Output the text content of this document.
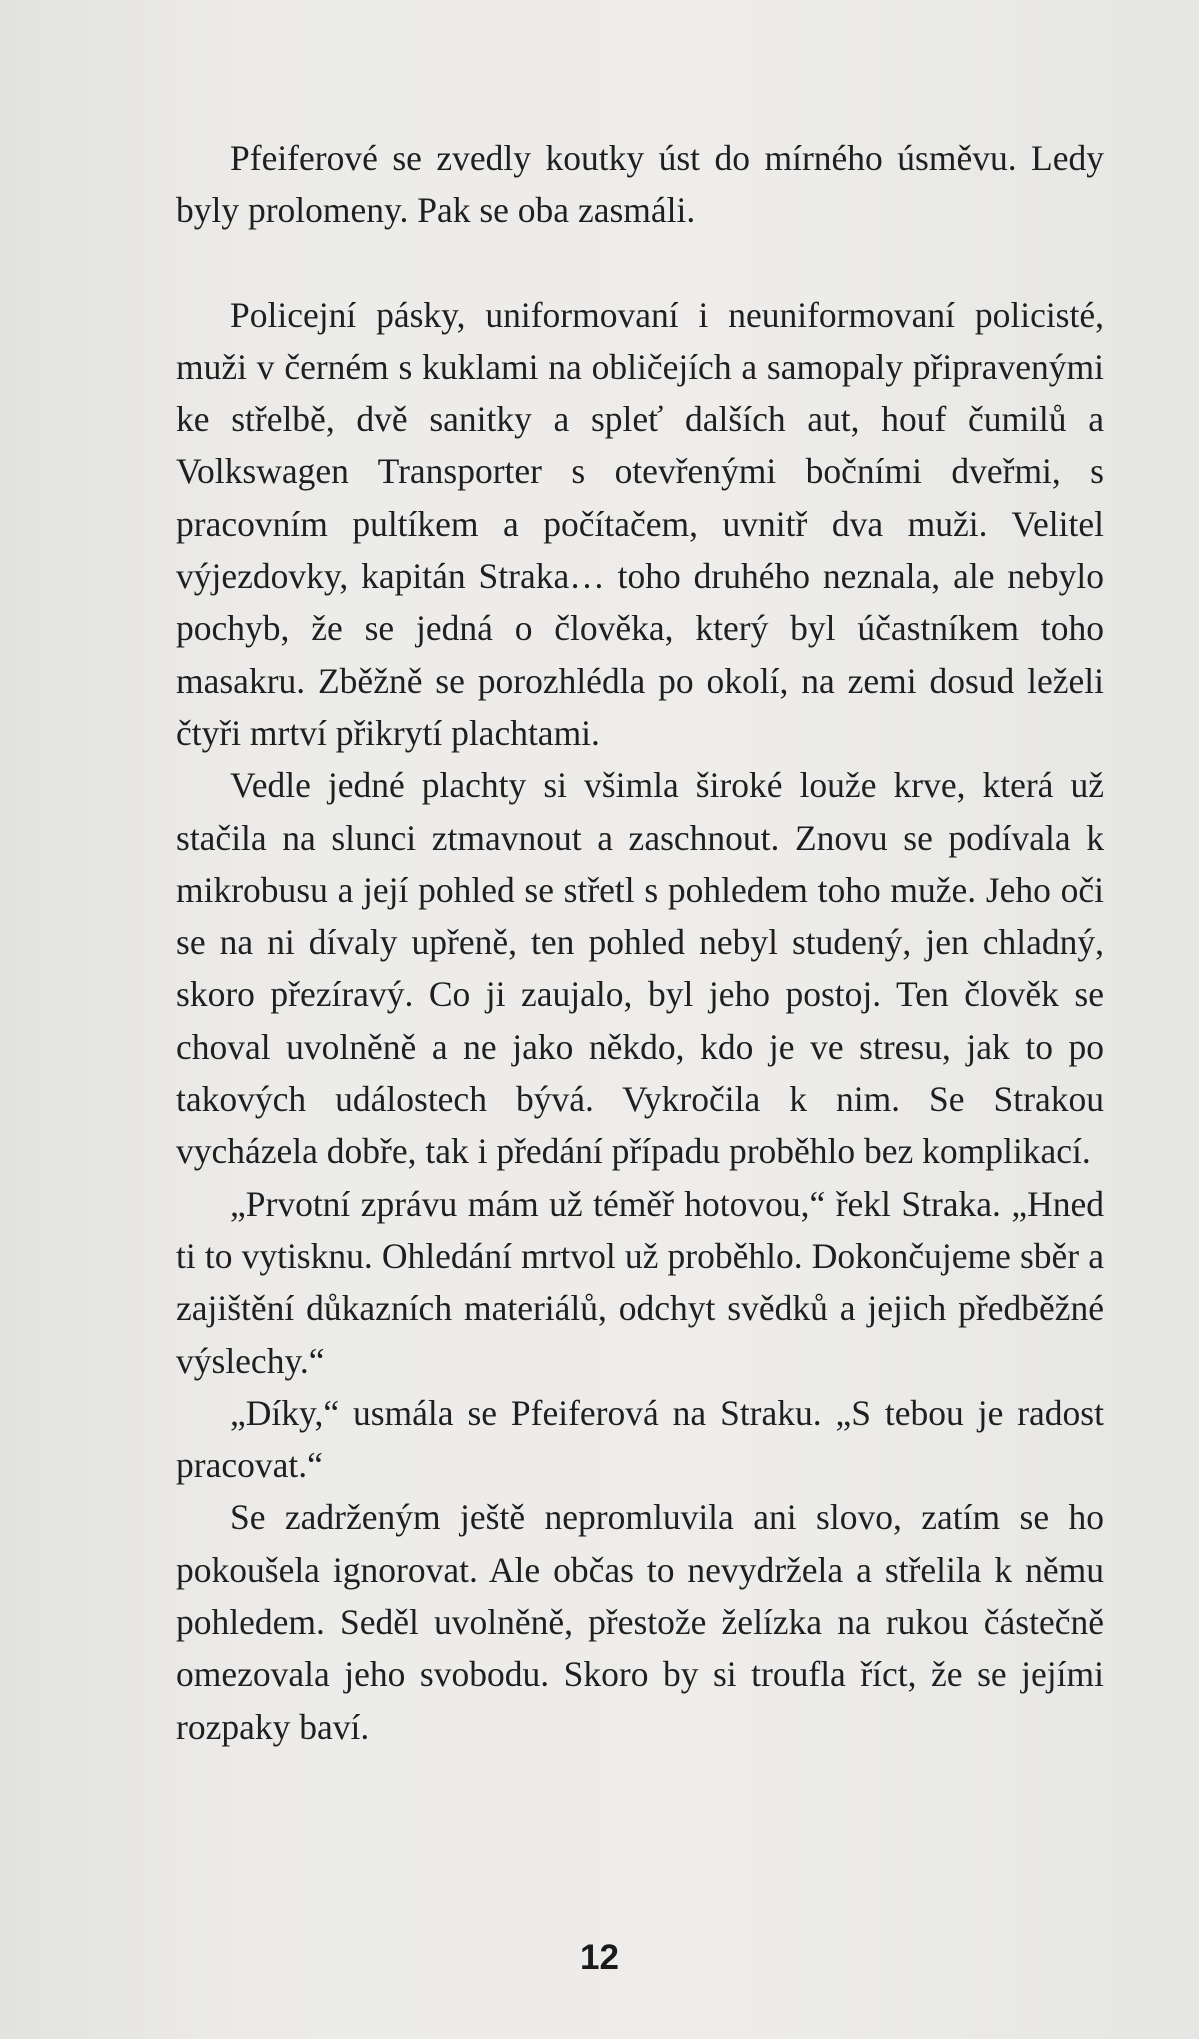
Pfeiferové se zvedly koutky úst do mírného úsměvu. Ledy byly prolomeny. Pak se oba zasmáli.

Policejní pásky, uniformovaní i neuniformovaní policisté, muži v černém s kuklami na obličejích a samopaly připravenými ke střelbě, dvě sanitky a spleť dalších aut, houf čumilů a Volkswagen Transporter s otevřenými bočními dveřmi, s pracovním pultíkem a počítačem, uvnitř dva muži. Velitel výjezdovky, kapitán Straka… toho druhého neznala, ale nebylo pochyb, že se jedná o člověka, který byl účastníkem toho masakru. Zběžně se porozhlédla po okolí, na zemi dosud leželi čtyři mrtví přikrytí plachtami.

Vedle jedné plachty si všimla široké louže krve, která už stačila na slunci ztmavnout a zaschnout. Znovu se podívala k mikrobusu a její pohled se střetl s pohledem toho muže. Jeho oči se na ni dívaly upřeně, ten pohled nebyl studený, jen chladný, skoro přezíravý. Co ji zaujalo, byl jeho postoj. Ten člověk se choval uvolněně a ne jako někdo, kdo je ve stresu, jak to po takových událostech bývá. Vykročila k nim. Se Strakou vycházela dobře, tak i předání případu proběhlo bez komplikací.

„Prvotní zprávu mám už téměř hotovou,“ řekl Straka. „Hned ti to vytisknu. Ohledání mrtvol už proběhlo. Dokončujeme sběr a zajištění důkazních materiálů, odchyt svědků a jejich předběžné výslechy.“

„Díky,“ usmála se Pfeiferová na Straku. „S tebou je radost pracovat.“

Se zadrženým ještě nepromluvila ani slovo, zatím se ho pokoušela ignorovat. Ale občas to nevydržela a střelila k němu pohledem. Seděl uvolněně, přestože želízka na rukou částečně omezovala jeho svobodu. Skoro by si troufla říct, že se jejími rozpaky baví.

12
